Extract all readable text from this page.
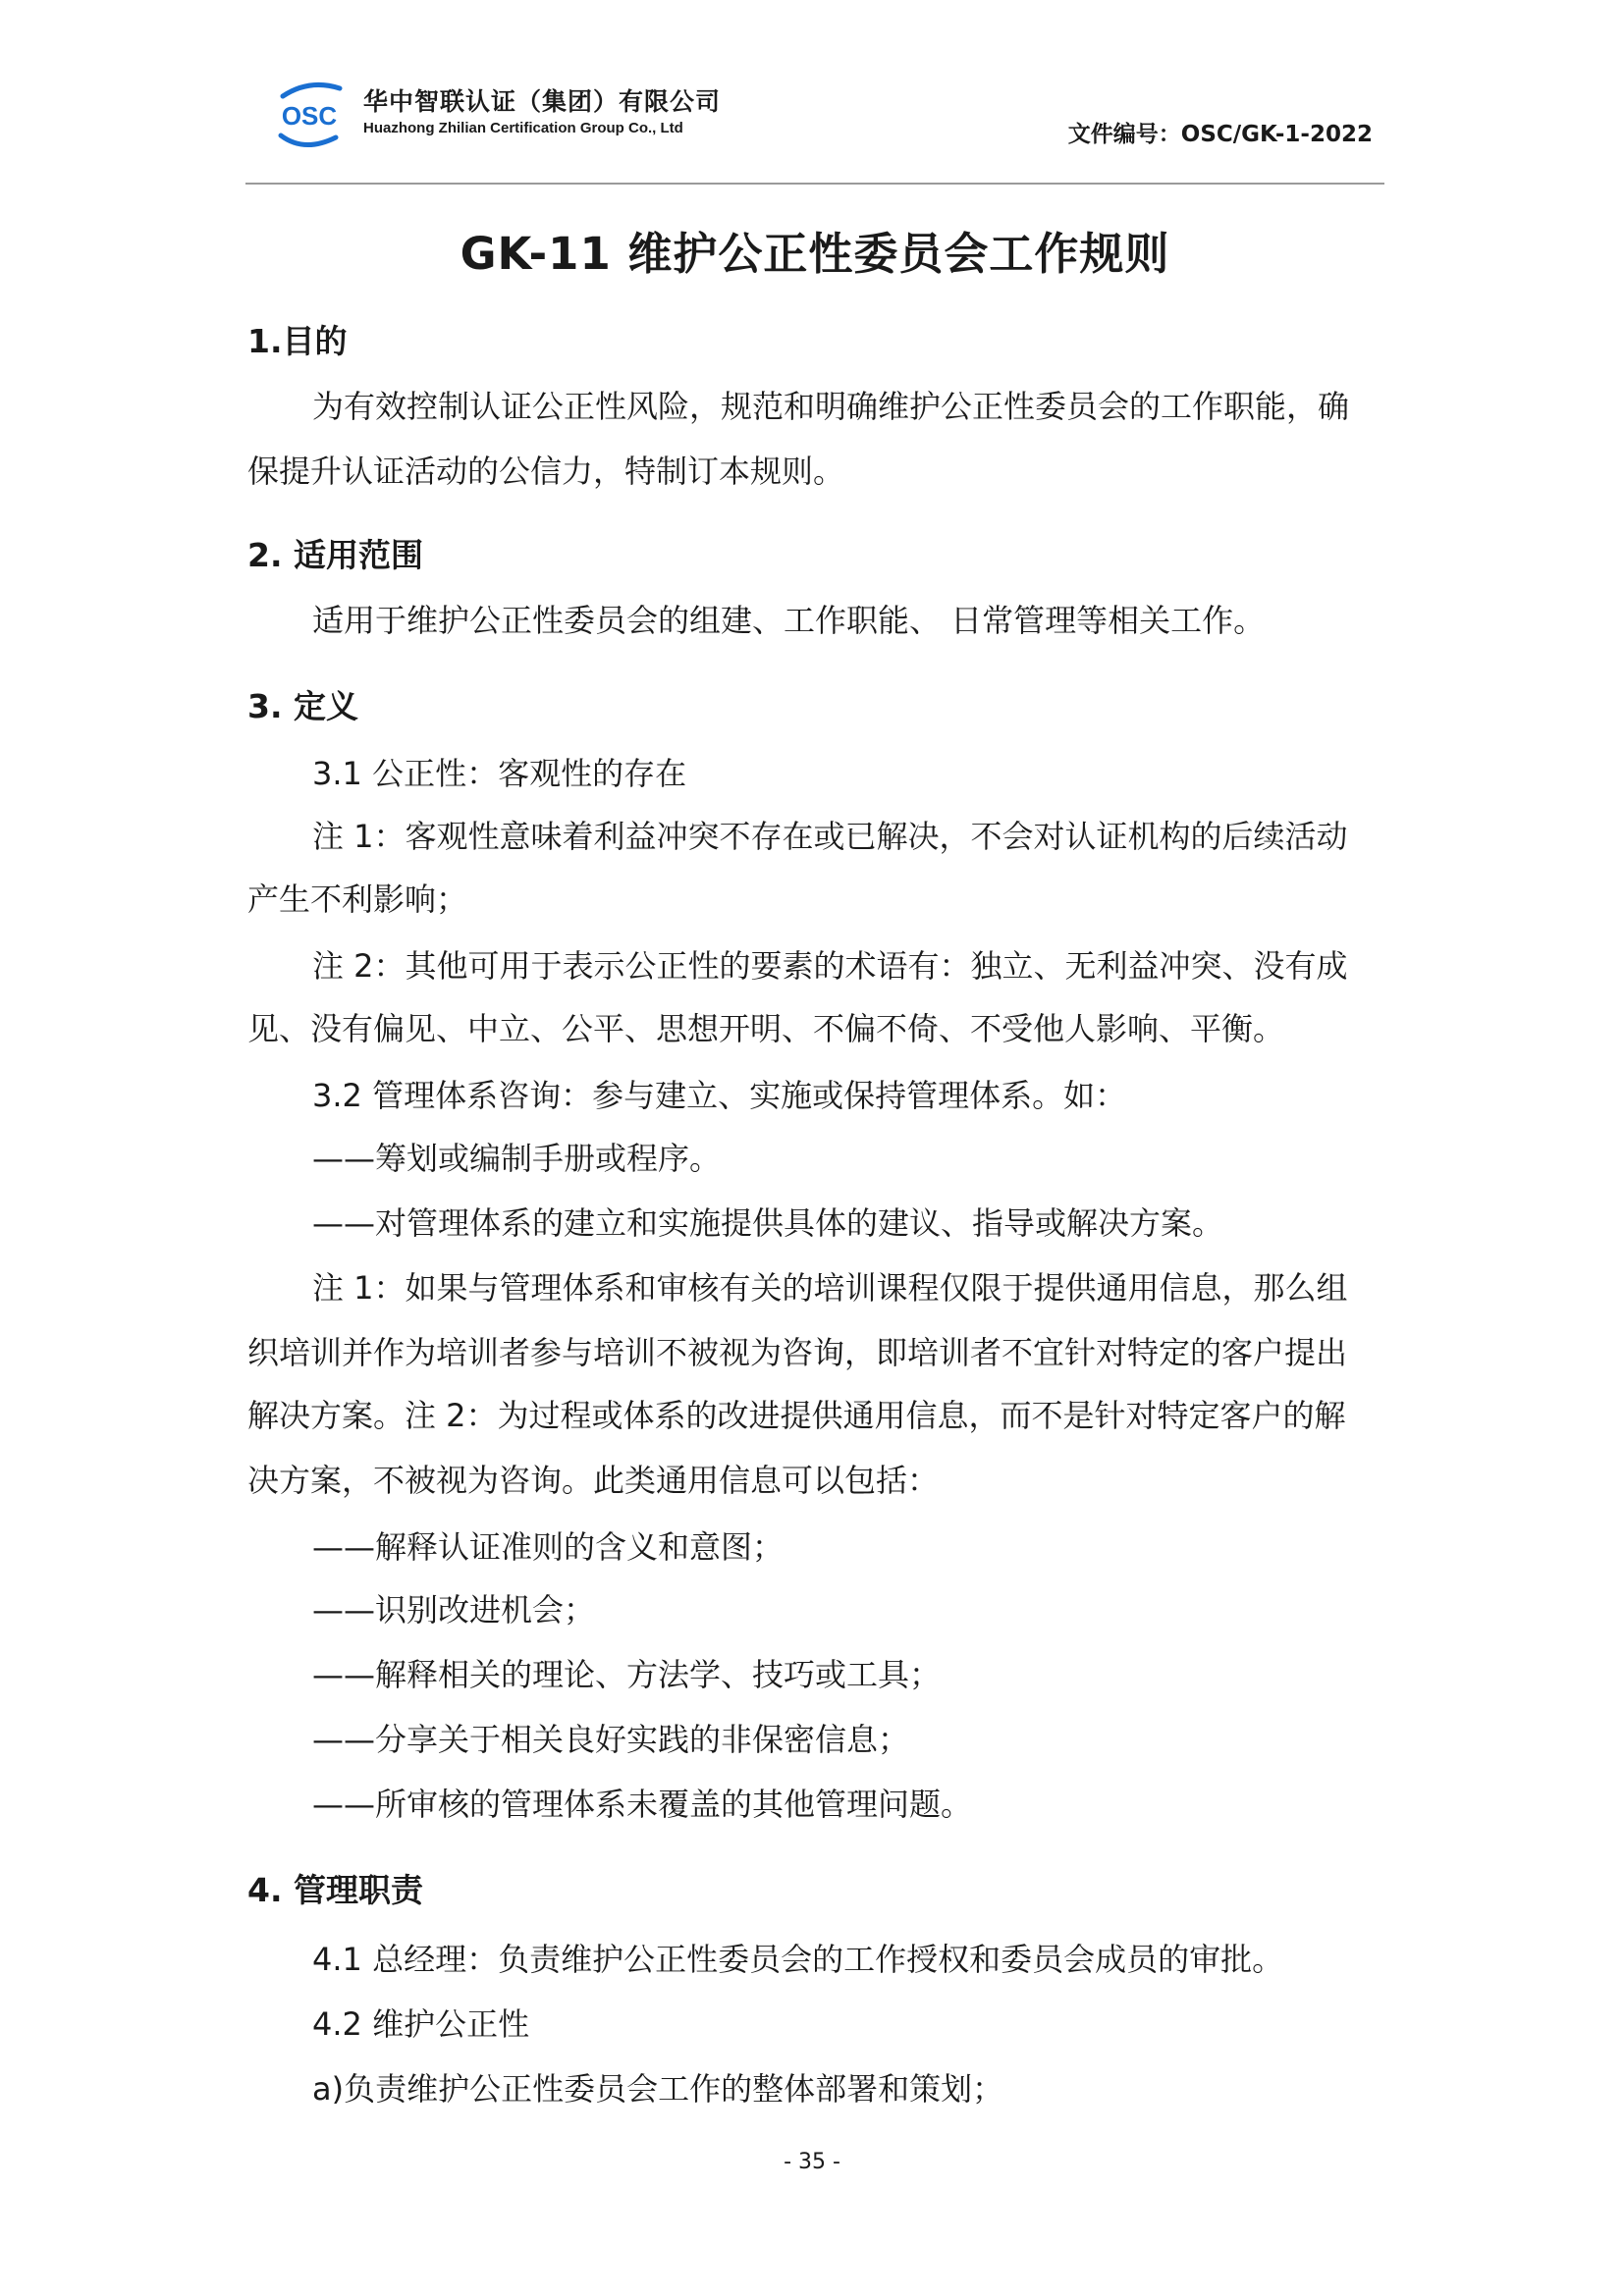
OSC 华中智联认证（集团）有限公司
Huazhong Zhilian Certification Group Co., Ltd	文件编号：OSC/GK-1-2022
GK-11 维护公正性委员会工作规则
1.目的
为有效控制认证公正性风险，规范和明确维护公正性委员会的工作职能，确
保提升认证活动的公信力，特制订本规则。
2. 适用范围
适用于维护公正性委员会的组建、工作职能、 日常管理等相关工作。
3. 定义
3.1 公正性：客观性的存在
注 1：客观性意味着利益冲突不存在或已解决，不会对认证机构的后续活动
产生不利影响；
注 2：其他可用于表示公正性的要素的术语有：独立、无利益冲突、没有成
见、没有偏见、中立、公平、思想开明、不偏不倚、不受他人影响、平衡。
3.2 管理体系咨询：参与建立、实施或保持管理体系。如：
——筹划或编制手册或程序。
——对管理体系的建立和实施提供具体的建议、指导或解决方案。
注 1：如果与管理体系和审核有关的培训课程仅限于提供通用信息，那么组
织培训并作为培训者参与培训不被视为咨询，即培训者不宜针对特定的客户提出
解决方案。注 2：为过程或体系的改进提供通用信息，而不是针对特定客户的解
决方案，不被视为咨询。此类通用信息可以包括：
——解释认证准则的含义和意图；
——识别改进机会；
——解释相关的理论、方法学、技巧或工具；
——分享关于相关良好实践的非保密信息；
——所审核的管理体系未覆盖的其他管理问题。
4. 管理职责
4.1 总经理：负责维护公正性委员会的工作授权和委员会成员的审批。
4.2 维护公正性
a)负责维护公正性委员会工作的整体部署和策划；
- 35 -
